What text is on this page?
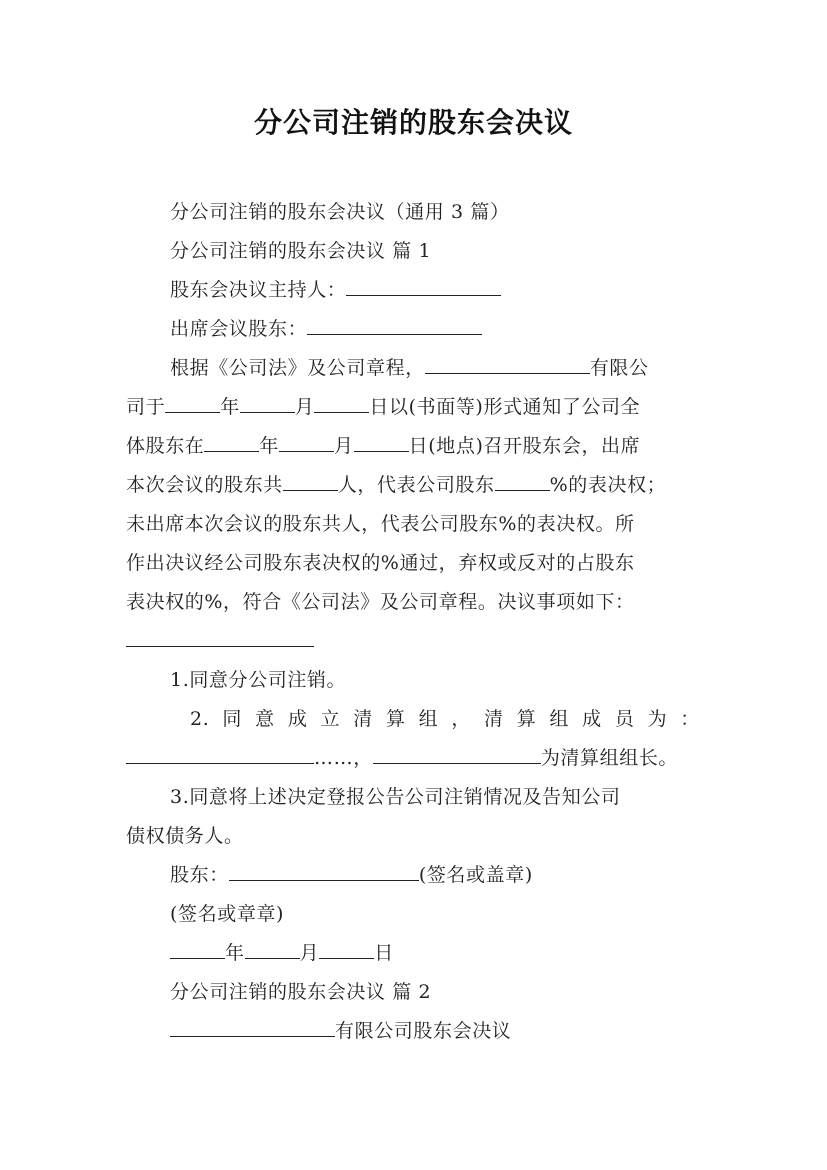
分公司注销的股东会决议
分公司注销的股东会决议（通用 3 篇）
分公司注销的股东会决议 篇 1
股东会决议主持人：
出席会议股东：
根据《公司法》及公司章程，	有限公
司于	年	月	日以(书面等)形式通知了公司全
体股东在	年	月	日(地点)召开股东会，出席
本次会议的股东共	人，代表公司股东	%的表决权；
未出席本次会议的股东共人，代表公司股东%的表决权。所
作出决议经公司股东表决权的%通过，弃权或反对的占股东
表决权的%，符合《公司法》及公司章程。决议事项如下：
1.同意分公司注销。
2. 同 意 成 立 清 算 组 ， 清 算 组 成 员 为 ：
……，	为清算组组长。
3.同意将上述决定登报公告公司注销情况及告知公司
债权债务人。
股东：	(签名或盖章)
(签名或章章)
年	月	日
分公司注销的股东会决议 篇 2
有限公司股东会决议
